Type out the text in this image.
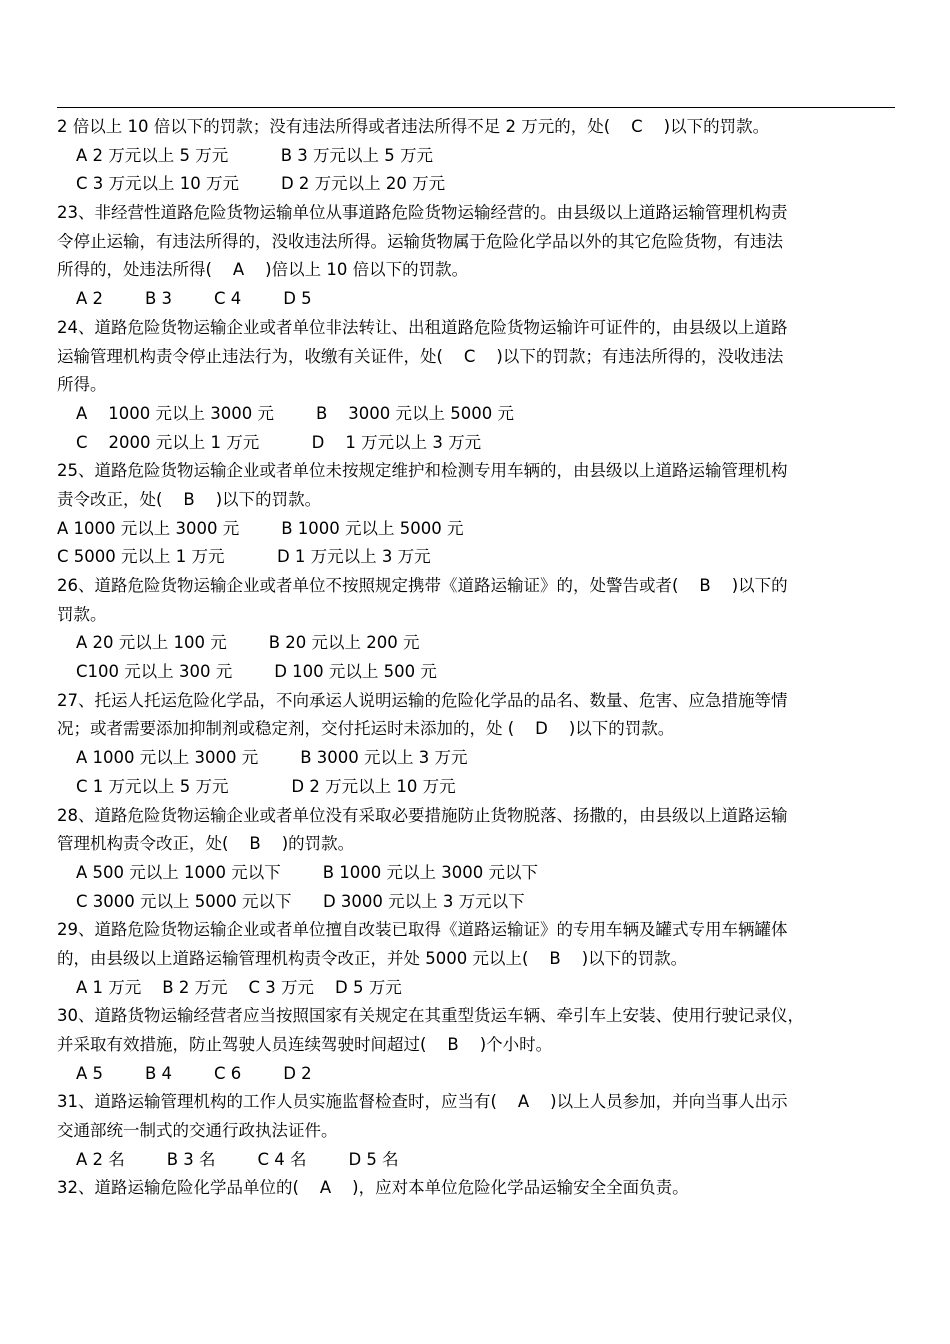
2 倍以上 10 倍以下的罚款；没有违法所得或者违法所得不足 2 万元的，处(    C    )以下的罚款。
A 2 万元以上 5 万元          B 3 万元以上 5 万元
C 3 万元以上 10 万元        D 2 万元以上 20 万元
23、非经营性道路危险货物运输单位从事道路危险货物运输经营的。由县级以上道路运输管理机构责
令停止运输，有违法所得的，没收违法所得。运输货物属于危险化学品以外的其它危险货物，有违法
所得的，处违法所得(    A    )倍以上 10 倍以下的罚款。
A 2        B 3        C 4        D 5
24、道路危险货物运输企业或者单位非法转让、出租道路危险货物运输许可证件的，由县级以上道路
运输管理机构责令停止违法行为，收缴有关证件，处(    C    )以下的罚款；有违法所得的，没收违法
所得。
A    1000 元以上 3000 元        B    3000 元以上 5000 元
C    2000 元以上 1 万元          D    1 万元以上 3 万元
25、道路危险货物运输企业或者单位未按规定维护和检测专用车辆的，由县级以上道路运输管理机构
责令改正，处(    B    )以下的罚款。
A 1000 元以上 3000 元        B 1000 元以上 5000 元
C 5000 元以上 1 万元          D 1 万元以上 3 万元
26、道路危险货物运输企业或者单位不按照规定携带《道路运输证》的，处警告或者(    B    )以下的
罚款。
A 20 元以上 100 元        B 20 元以上 200 元
C100 元以上 300 元        D 100 元以上 500 元
27、托运人托运危险化学品，不向承运人说明运输的危险化学品的品名、数量、危害、应急措施等情
况；或者需要添加抑制剂或稳定剂，交付托运时未添加的，处 (    D    )以下的罚款。
A 1000 元以上 3000 元        B 3000 元以上 3 万元
C 1 万元以上 5 万元            D 2 万元以上 10 万元
28、道路危险货物运输企业或者单位没有采取必要措施防止货物脱落、扬撒的，由县级以上道路运输
管理机构责令改正，处(    B    )的罚款。
A 500 元以上 1000 元以下        B 1000 元以上 3000 元以下
C 3000 元以上 5000 元以下      D 3000 元以上 3 万元以下
29、道路危险货物运输企业或者单位擅自改装已取得《道路运输证》的专用车辆及罐式专用车辆罐体
的，由县级以上道路运输管理机构责令改正，并处 5000 元以上(    B    )以下的罚款。
A 1 万元    B 2 万元    C 3 万元    D 5 万元
30、道路货物运输经营者应当按照国家有关规定在其重型货运车辆、牵引车上安装、使用行驶记录仪，
并采取有效措施，防止驾驶人员连续驾驶时间超过(    B    )个小时。
A 5        B 4        C 6        D 2
31、道路运输管理机构的工作人员实施监督检查时，应当有(    A    )以上人员参加，并向当事人出示
交通部统一制式的交通行政执法证件。
A 2 名        B 3 名        C 4 名        D 5 名
32、道路运输危险化学品单位的(    A    )，应对本单位危险化学品运输安全全面负责。
